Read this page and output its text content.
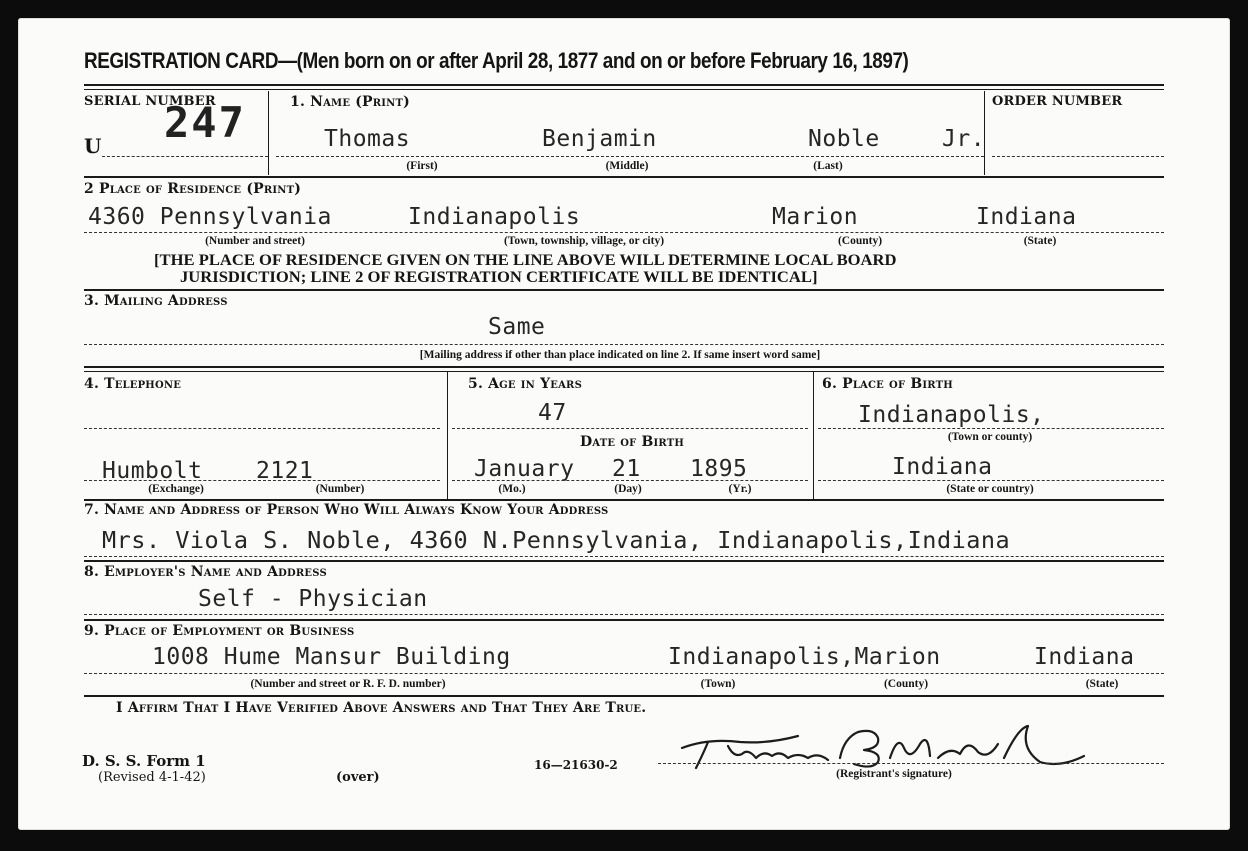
REGISTRATION CARD—(Men born on or after April 28, 1877 and on or before February 16, 1897)
SERIAL NUMBER
U 247	1. Name (Print)
Thomas	Benjamin	Noble	Jr.
(First)	(Middle)	(Last)
ORDER NUMBER
2 Place of Residence (Print)
4360 Pennsylvania	Indianapolis	Marion	Indiana
(Number and street)	(Town, township, village, or city)	(County)	(State)
[THE PLACE OF RESIDENCE GIVEN ON THE LINE ABOVE WILL DETERMINE LOCAL BOARD
JURISDICTION; LINE 2 OF REGISTRATION CERTIFICATE WILL BE IDENTICAL]
3. Mailing Address
Same
[Mailing address if other than place indicated on line 2. If same insert word same]
4. Telephone
Humbolt 2121
(Exchange)	(Number)
5. Age in Years
47
Date of Birth
January 21 1895
(Mo.)	(Day)	(Yr.)
6. Place of Birth
Indianapolis,
(Town or county)
Indiana
(State or country)
7. Name and Address of Person Who Will Always Know Your Address
Mrs. Viola S. Noble, 4360 N.Pennsylvania, Indianapolis,Indiana
8. Employer's Name and Address
Self - Physician
9. Place of Employment or Business
1008 Hume Mansur Building	Indianapolis,Marion	Indiana
(Number and street or R. F. D. number)	(Town)	(County)	(State)
I Affirm That I Have Verified Above Answers and That They Are True.
D. S. S. Form 1
(Revised 4-1-42)	(over)
16—21630-2
(Registrant's signature)
